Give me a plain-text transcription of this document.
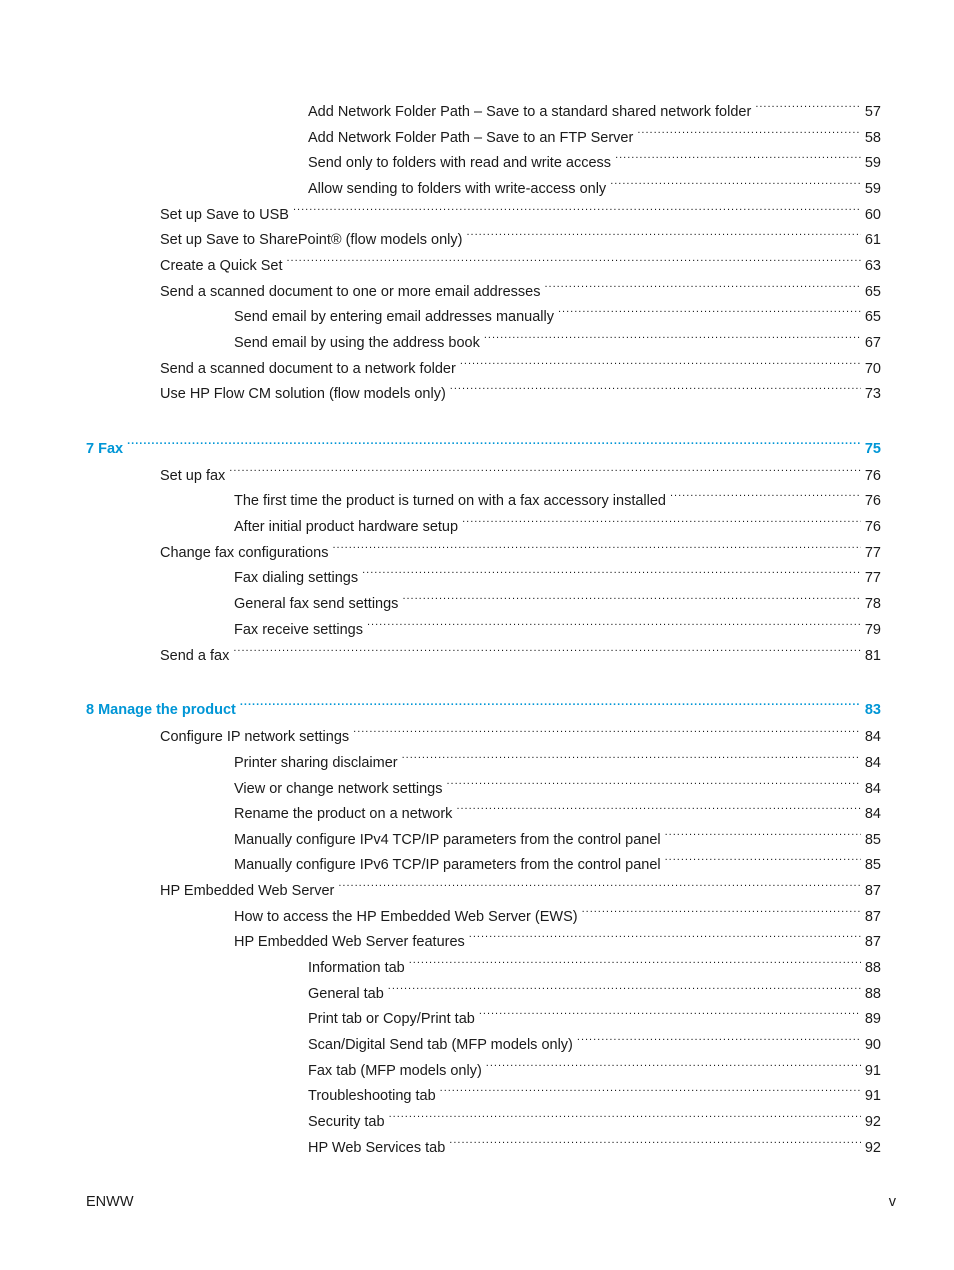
Add Network Folder Path – Save to a standard shared network folder .....	57
Add Network Folder Path – Save to an FTP Server .....	58
Send only to folders with read and write access .....	59
Allow sending to folders with write-access only .....	59
Set up Save to USB .....	60
Set up Save to SharePoint® (flow models only) .....	61
Create a Quick Set .....	63
Send a scanned document to one or more email addresses .....	65
Send email by entering email addresses manually .....	65
Send email by using the address book .....	67
Send a scanned document to a network folder .....	70
Use HP Flow CM solution (flow models only) .....	73
7 Fax .....	75
Set up fax .....	76
The first time the product is turned on with a fax accessory installed .....	76
After initial product hardware setup .....	76
Change fax configurations .....	77
Fax dialing settings .....	77
General fax send settings .....	78
Fax receive settings .....	79
Send a fax .....	81
8 Manage the product .....	83
Configure IP network settings .....	84
Printer sharing disclaimer .....	84
View or change network settings .....	84
Rename the product on a network .....	84
Manually configure IPv4 TCP/IP parameters from the control panel .....	85
Manually configure IPv6 TCP/IP parameters from the control panel .....	85
HP Embedded Web Server .....	87
How to access the HP Embedded Web Server (EWS) .....	87
HP Embedded Web Server features .....	87
Information tab .....	88
General tab .....	88
Print tab or Copy/Print tab .....	89
Scan/Digital Send tab (MFP models only) .....	90
Fax tab (MFP models only) .....	91
Troubleshooting tab .....	91
Security tab .....	92
HP Web Services tab .....	92
ENWW	v
